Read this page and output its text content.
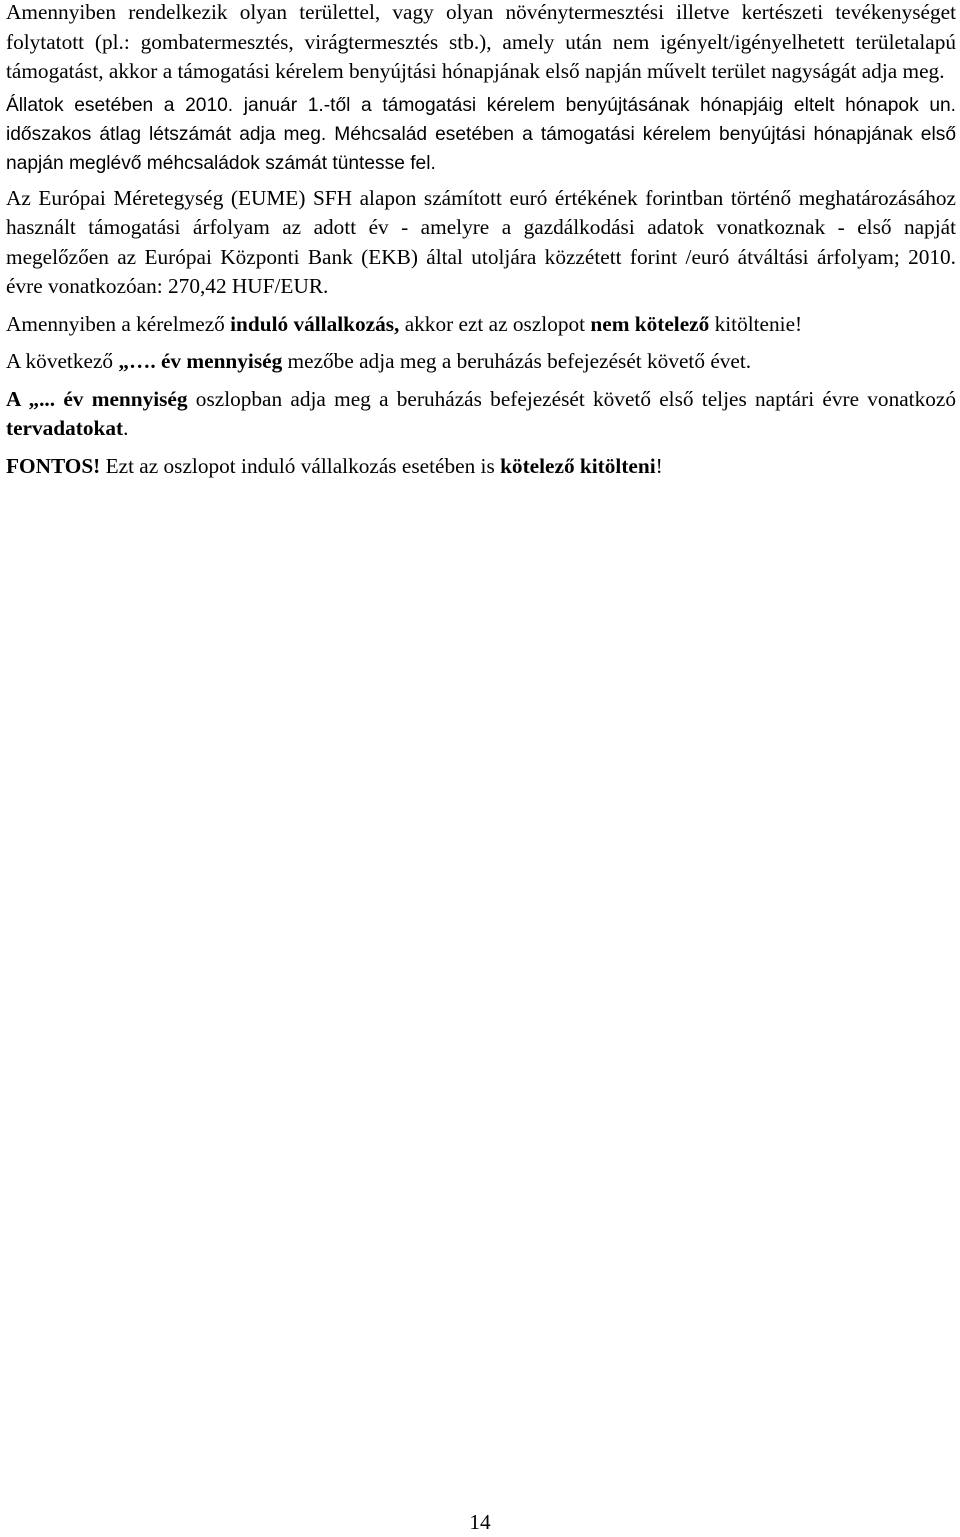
Amennyiben rendelkezik olyan területtel, vagy olyan növénytermesztési illetve kertészeti tevékenységet folytatott (pl.: gombatermesztés, virágtermesztés stb.), amely után nem igényelt/igényelhetett területalapú támogatást, akkor a támogatási kérelem benyújtási hónapjának első napján művelt terület nagyságát adja meg.

Állatok esetében a 2010. január 1.-től a támogatási kérelem benyújtásának hónapjáig eltelt hónapok un. időszakos átlag létszámát adja meg. Méhcsalád esetében a támogatási kérelem benyújtási hónapjának első napján meglévő méhcsaládok számát tüntesse fel.

Az Európai Méretegység (EUME) SFH alapon számított euró értékének forintban történő meghatározásához használt támogatási árfolyam az adott év - amelyre a gazdálkodási adatok vonatkoznak - első napját megelőzően az Európai Központi Bank (EKB) által utoljára közzétett forint /euró átváltási árfolyam; 2010. évre vonatkozóan: 270,42 HUF/EUR.

Amennyiben a kérelmező induló vállalkozás, akkor ezt az oszlopot nem kötelező kitöltenie!

A következő „…. év mennyiség mezőbe adja meg a beruházás befejezését követő évet.

A „... év mennyiség oszlopban adja meg a beruházás befejezését követő első teljes naptári évre vonatkozó tervadatokat.

FONTOS! Ezt az oszlopot induló vállalkozás esetében is kötelező kitölteni!

14
